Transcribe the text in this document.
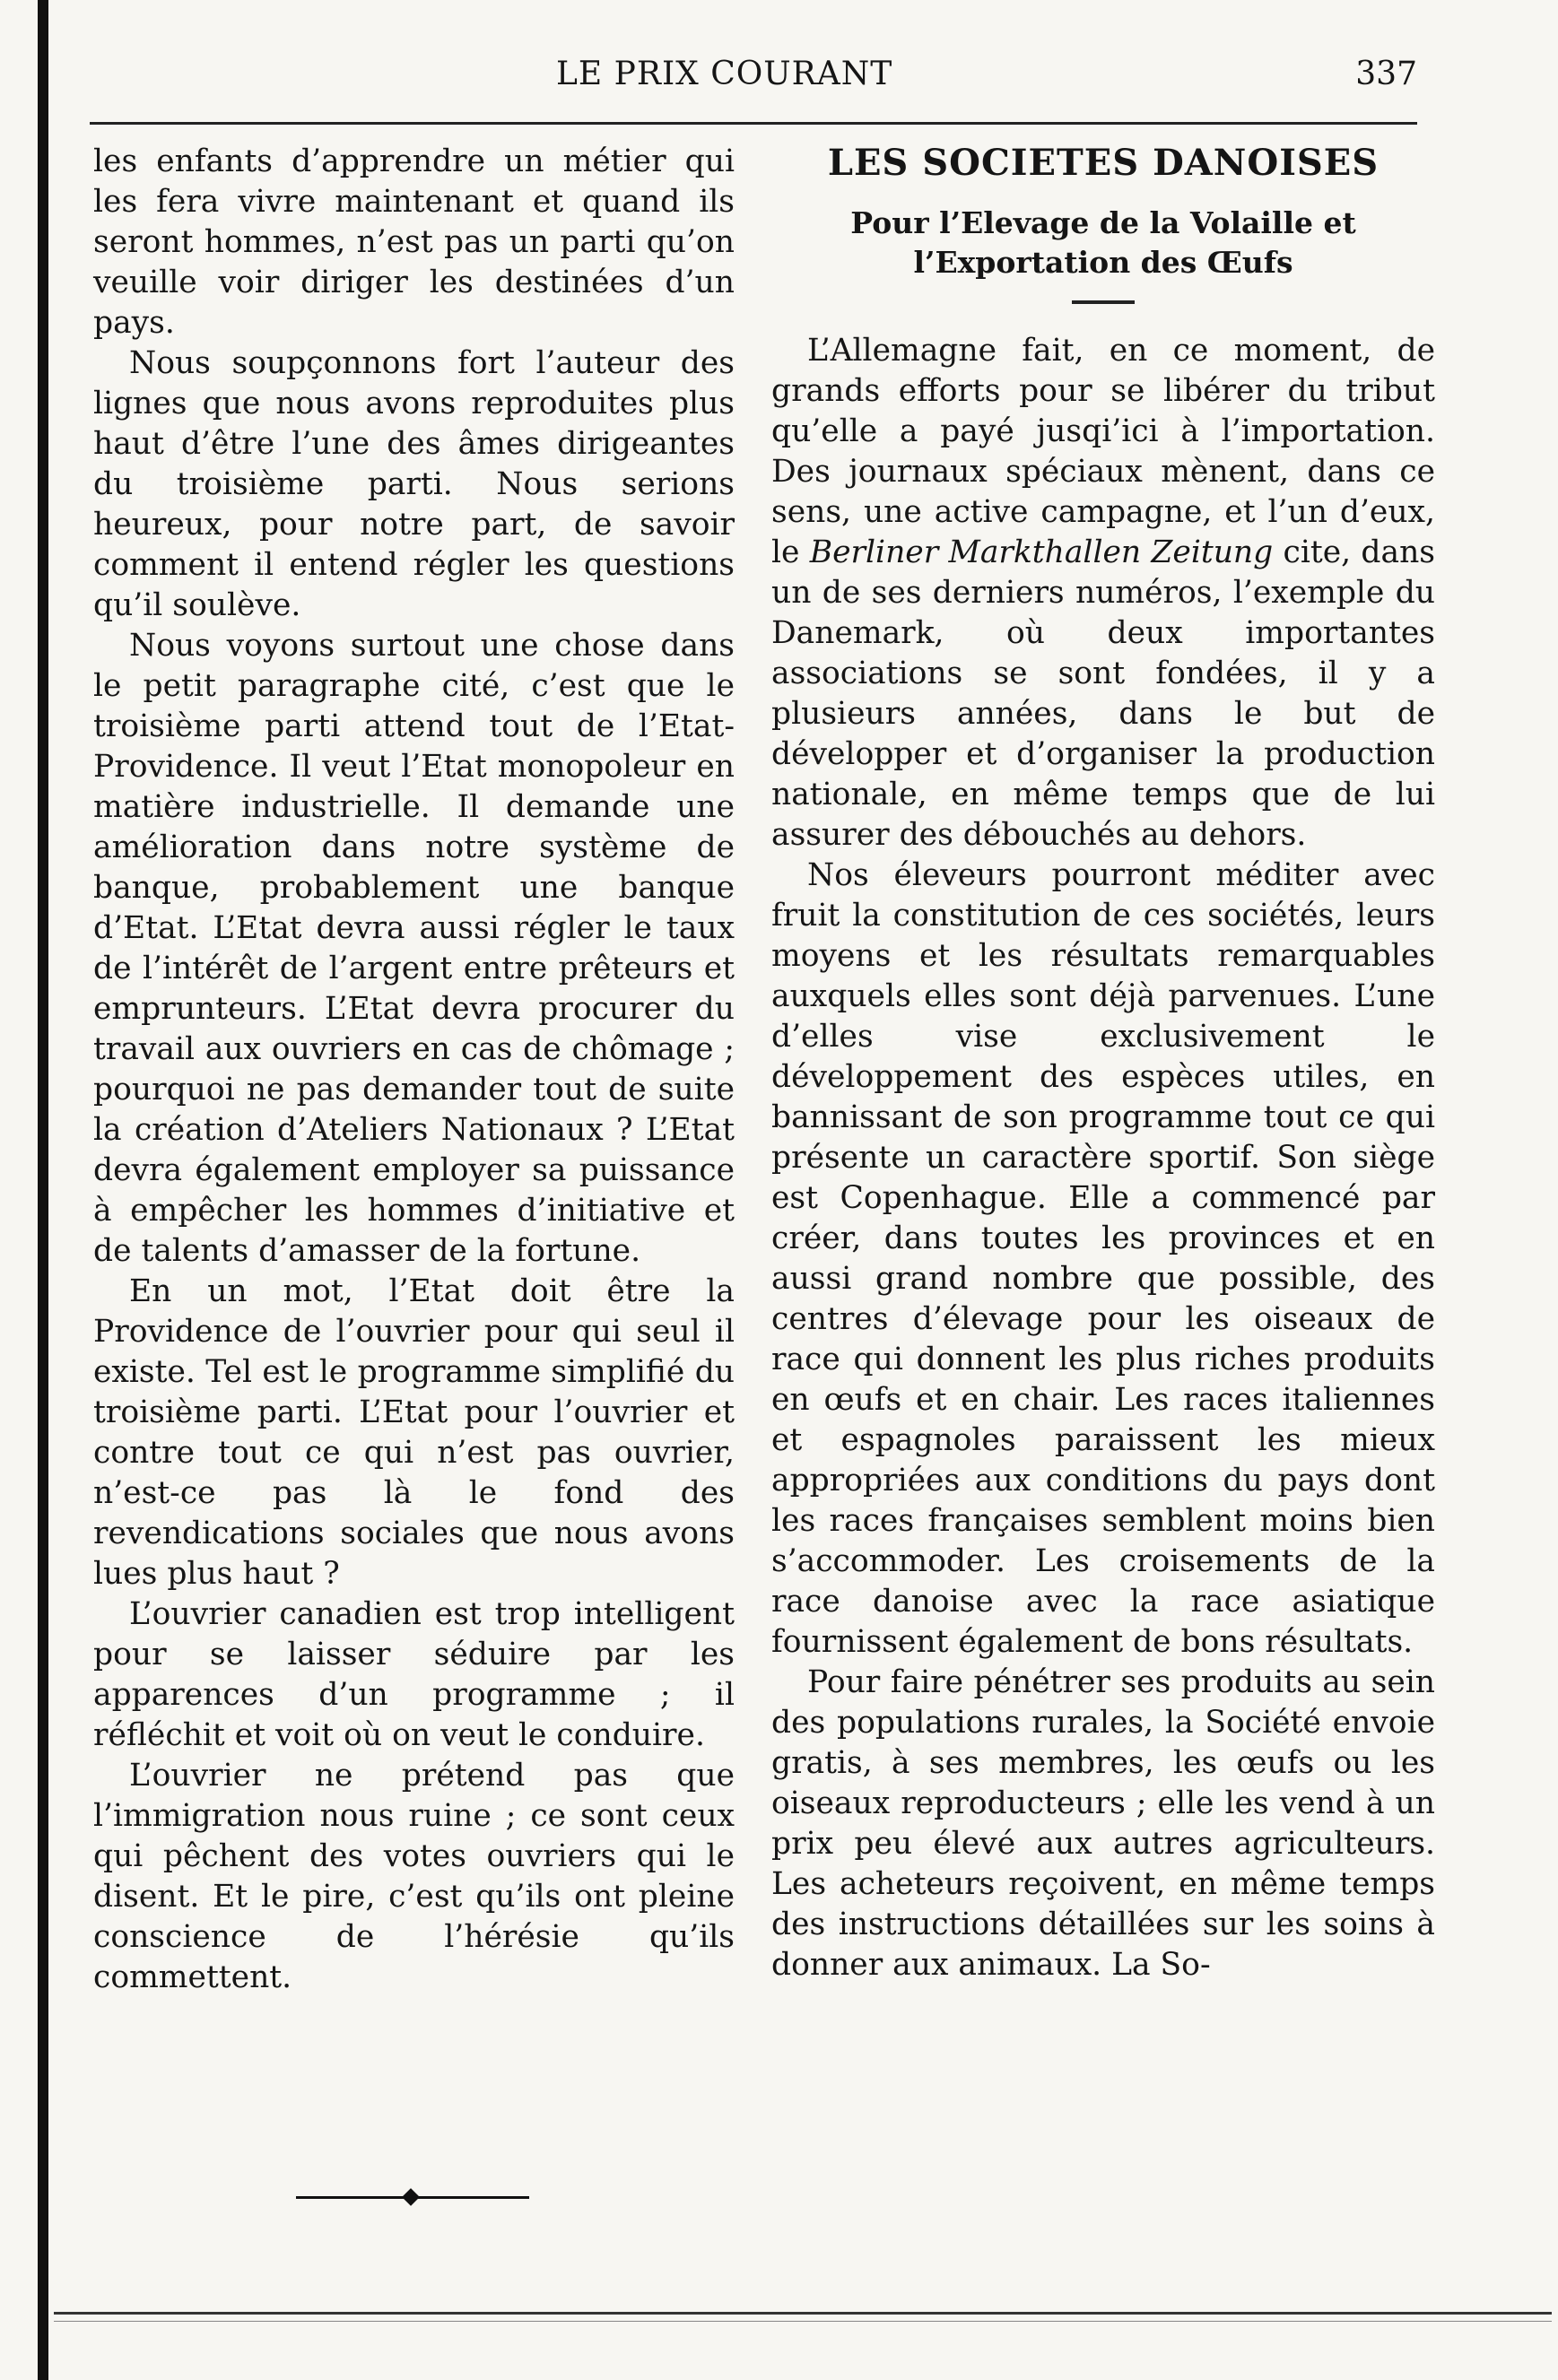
LE PRIX COURANT	337

les enfants d’apprendre un métier qui les fera vivre maintenant et quand ils seront hommes, n’est pas un parti qu’on veuille voir diriger les destinées d’un pays.

Nous soupçonnons fort l’auteur des lignes que nous avons reproduites plus haut d’être l’une des âmes dirigeantes du troisième parti. Nous serions heureux, pour notre part, de savoir comment il entend régler les questions qu’il soulève.

Nous voyons surtout une chose dans le petit paragraphe cité, c’est que le troisième parti attend tout de l’Etat-Providence. Il veut l’Etat monopoleur en matière industrielle. Il demande une amélioration dans notre système de banque, probablement une banque d’Etat. L’Etat devra aussi régler le taux de l’intérêt de l’argent entre prêteurs et emprunteurs. L’Etat devra procurer du travail aux ouvriers en cas de chômage ; pourquoi ne pas demander tout de suite la création d’Ateliers Nationaux ? L’Etat devra également employer sa puissance à empêcher les hommes d’initiative et de talents d’amasser de la fortune.

En un mot, l’Etat doit être la Providence de l’ouvrier pour qui seul il existe. Tel est le programme simplifié du troisième parti. L’Etat pour l’ouvrier et contre tout ce qui n’est pas ouvrier, n’est-ce pas là le fond des revendications sociales que nous avons lues plus haut ?

L’ouvrier canadien est trop intelligent pour se laisser séduire par les apparences d’un programme ; il réfléchit et voit où on veut le conduire.

L’ouvrier ne prétend pas que l’immigration nous ruine ; ce sont ceux qui pêchent des votes ouvriers qui le disent. Et le pire, c’est qu’ils ont pleine conscience de l’hérésie qu’ils commettent.

LES SOCIETES DANOISES

Pour l’Elevage de la Volaille et

l’Exportation des Œufs

L’Allemagne fait, en ce moment, de grands efforts pour se libérer du tribut qu’elle a payé jusqi’ici à l’importation. Des journaux spéciaux mènent, dans ce sens, une active campagne, et l’un d’eux, le Berliner Markthallen Zeitung cite, dans un de ses derniers numéros, l’exemple du Danemark, où deux importantes associations se sont fondées, il y a plusieurs années, dans le but de développer et d’organiser la production nationale, en même temps que de lui assurer des débouchés au dehors.

Nos éleveurs pourront méditer avec fruit la constitution de ces sociétés, leurs moyens et les résultats remarquables auxquels elles sont déjà parvenues. L’une d’elles vise exclusivement le développement des espèces utiles, en bannissant de son programme tout ce qui présente un caractère sportif. Son siège est Copenhague. Elle a commencé par créer, dans toutes les provinces et en aussi grand nombre que possible, des centres d’élevage pour les oiseaux de race qui donnent les plus riches produits en œufs et en chair. Les races italiennes et espagnoles paraissent les mieux appropriées aux conditions du pays dont les races françaises semblent moins bien s’accommoder. Les croisements de la race danoise avec la race asiatique fournissent également de bons résultats.

Pour faire pénétrer ses produits au sein des populations rurales, la Société envoie gratis, à ses membres, les œufs ou les oiseaux reproducteurs ; elle les vend à un prix peu élevé aux autres agriculteurs. Les acheteurs reçoivent, en même temps des instructions détaillées sur les soins à donner aux animaux. La So-
